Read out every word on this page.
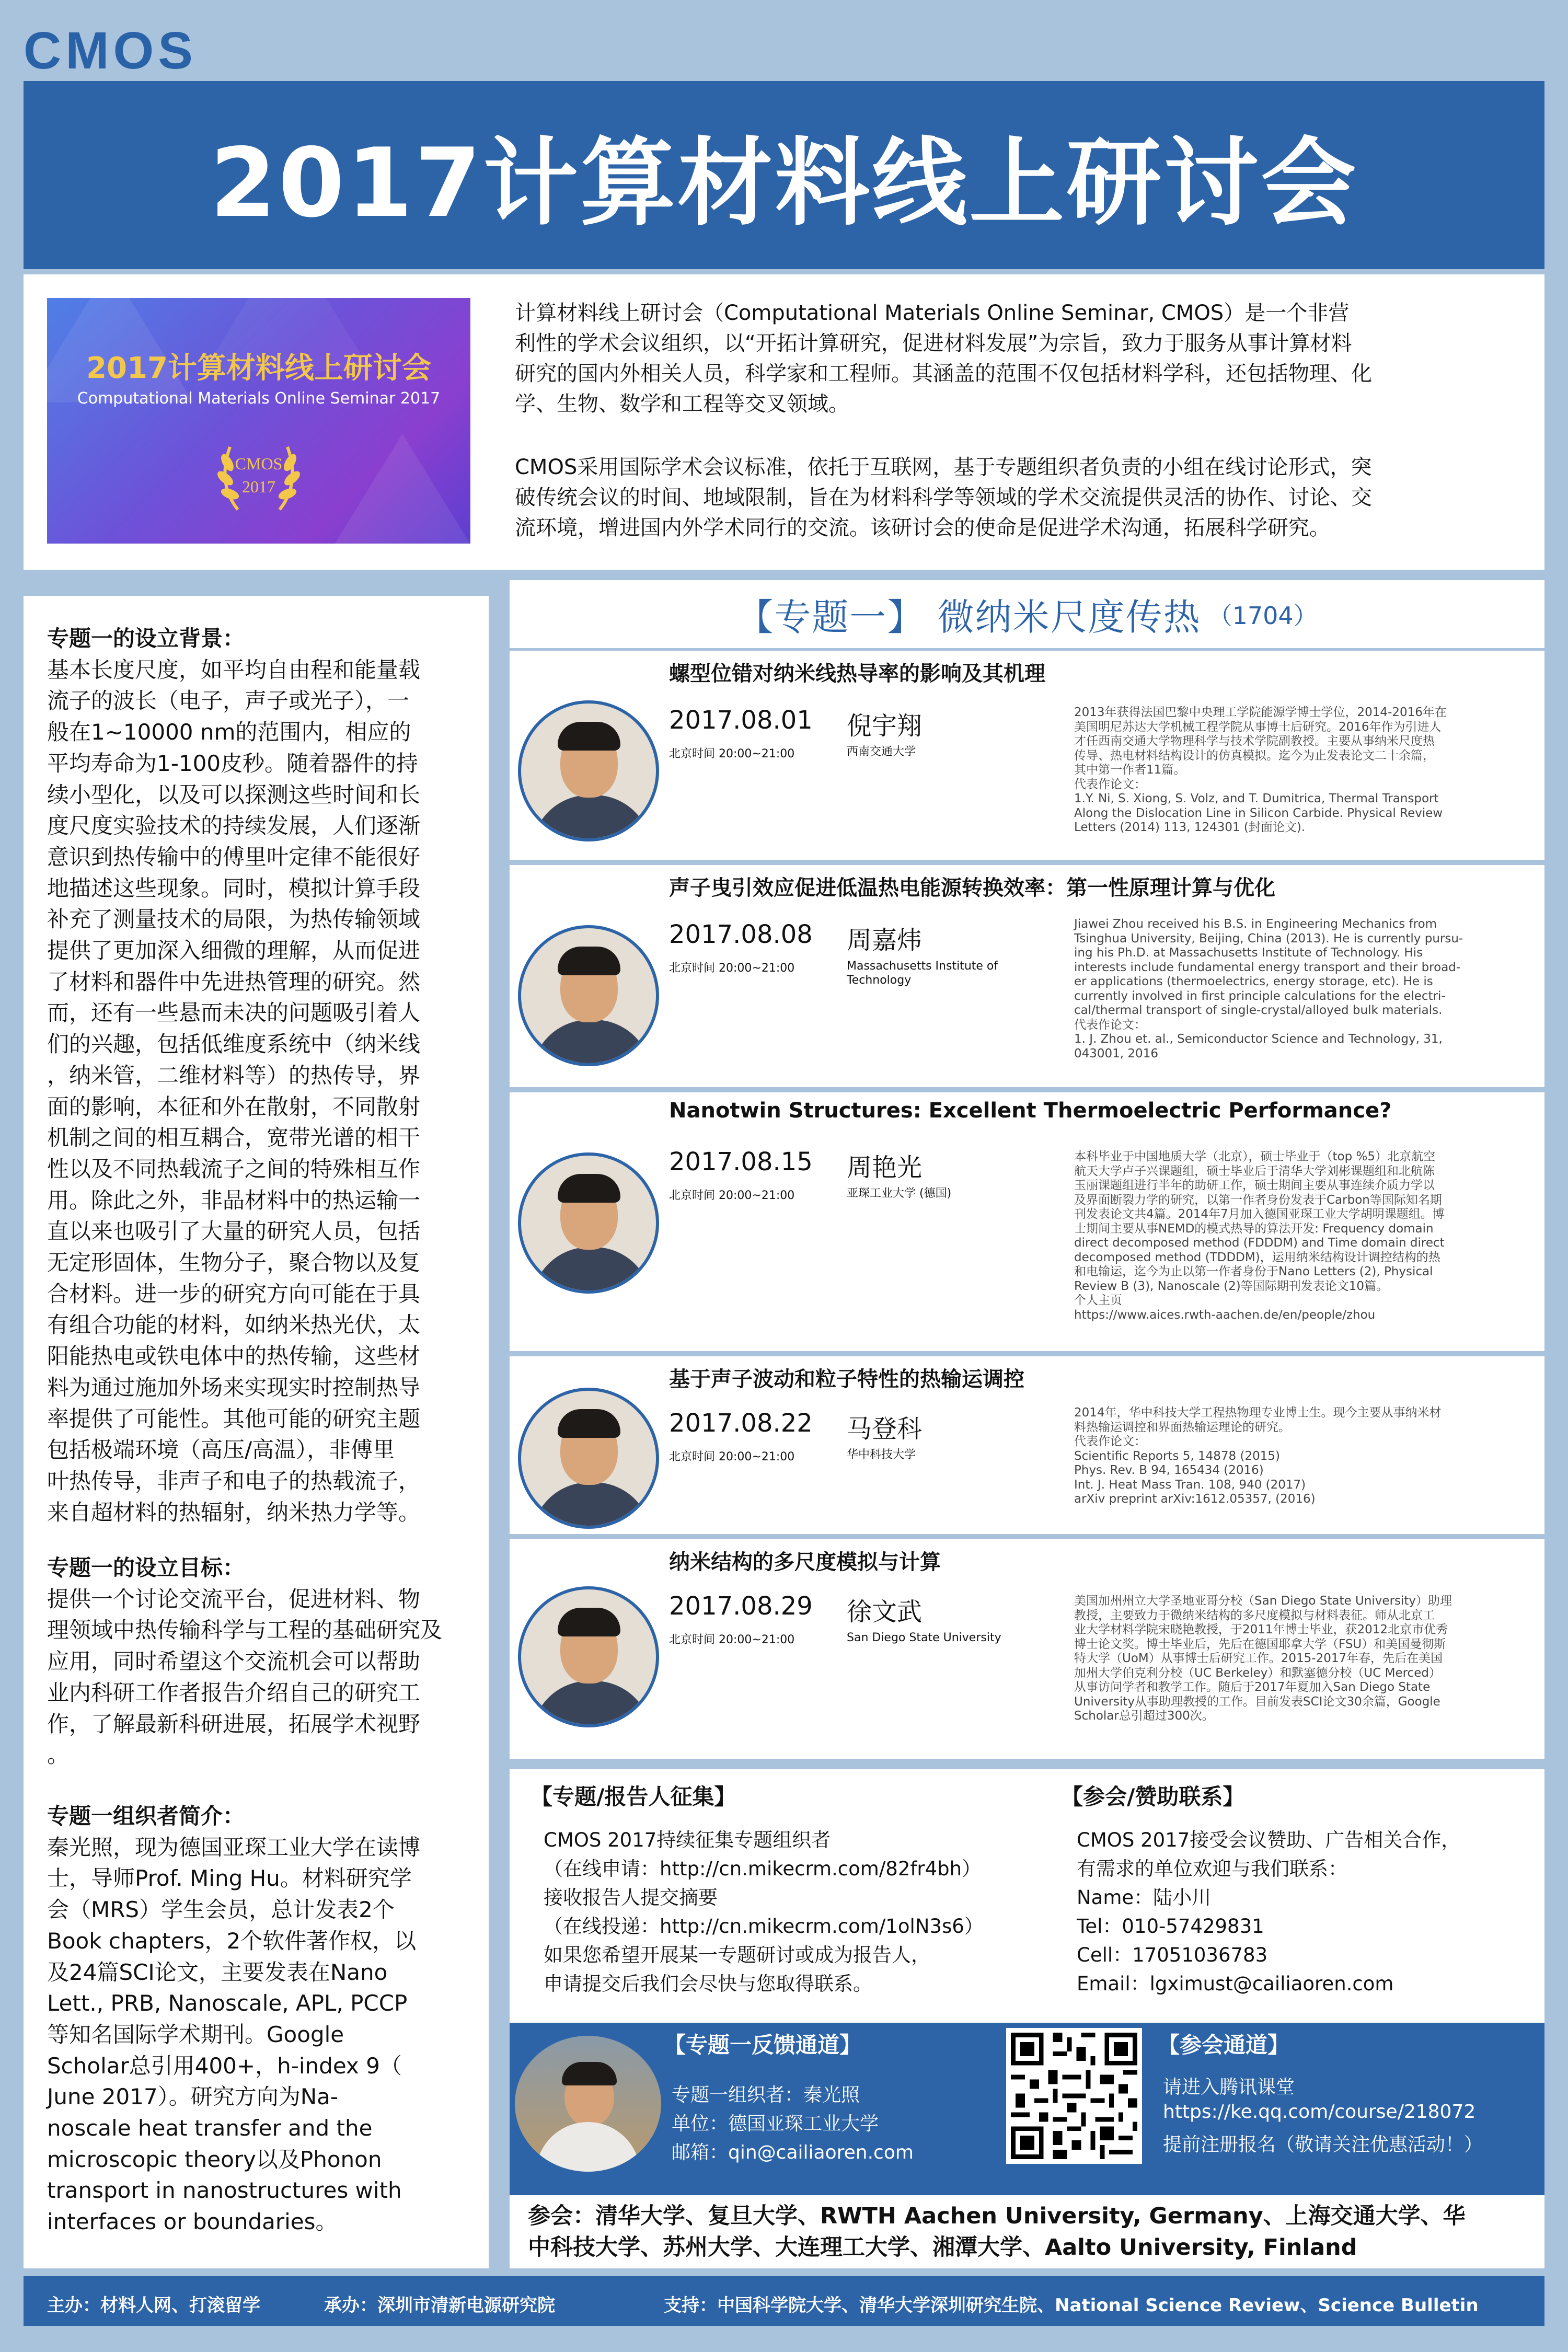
CMOS
2017计算材料线上研讨会
2017计算材料线上研讨会
Computational Materials Online Seminar 2017
CMOS
2017
计算材料线上研讨会（Computational Materials Online Seminar, CMOS）是一个非营
利性的学术会议组织，以“开拓计算研究，促进材料发展”为宗旨，致力于服务从事计算材料
研究的国内外相关人员，科学家和工程师。其涵盖的范围不仅包括材料学科，还包括物理、化
学、生物、数学和工程等交叉领域。
CMOS采用国际学术会议标准，依托于互联网，基于专题组织者负责的小组在线讨论形式，突
破传统会议的时间、地域限制，旨在为材料科学等领域的学术交流提供灵活的协作、讨论、交
流环境，增进国内外学术同行的交流。该研讨会的使命是促进学术沟通，拓展科学研究。
专题一的设立背景：
基本长度尺度，如平均自由程和能量载
流子的波长（电子，声子或光子），一
般在1~10000 nm的范围内，相应的
平均寿命为1-100皮秒。随着器件的持
续小型化，以及可以探测这些时间和长
度尺度实验技术的持续发展，人们逐渐
意识到热传输中的傅里叶定律不能很好
地描述这些现象。同时，模拟计算手段
补充了测量技术的局限，为热传输领域
提供了更加深入细微的理解，从而促进
了材料和器件中先进热管理的研究。然
而，还有一些悬而未决的问题吸引着人
们的兴趣，包括低维度系统中（纳米线
，纳米管，二维材料等）的热传导，界
面的影响，本征和外在散射，不同散射
机制之间的相互耦合，宽带光谱的相干
性以及不同热载流子之间的特殊相互作
用。除此之外，非晶材料中的热运输一
直以来也吸引了大量的研究人员，包括
无定形固体，生物分子，聚合物以及复
合材料。进一步的研究方向可能在于具
有组合功能的材料，如纳米热光伏，太
阳能热电或铁电体中的热传输，这些材
料为通过施加外场来实现实时控制热导
率提供了可能性。其他可能的研究主题
包括极端环境（高压/高温），非傅里
叶热传导，非声子和电子的热载流子，
来自超材料的热辐射，纳米热力学等。
专题一的设立目标：
提供一个讨论交流平台，促进材料、物
理领域中热传输科学与工程的基础研究及
应用，同时希望这个交流机会可以帮助
业内科研工作者报告介绍自己的研究工
作，了解最新科研进展，拓展学术视野
。
专题一组织者简介：
秦光照，现为德国亚琛工业大学在读博
士，导师Prof. Ming Hu。材料研究学
会（MRS）学生会员，总计发表2个
Book chapters，2个软件著作权，以
及24篇SCI论文，主要发表在Nano
Lett., PRB, Nanoscale, APL, PCCP
等知名国际学术期刊。Google
Scholar总引用400+，h-index 9（
June 2017）。研究方向为Na-
noscale heat transfer and the
microscopic theory以及Phonon
transport in nanostructures with
interfaces or boundaries。
【专题一】 微纳米尺度传热 （1704）
螺型位错对纳米线热导率的影响及其机理
2017.08.01
北京时间 20:00~21:00
倪宇翔
西南交通大学
2013年获得法国巴黎中央理工学院能源学博士学位，2014-2016年在
美国明尼苏达大学机械工程学院从事博士后研究。2016年作为引进人
才任西南交通大学物理科学与技术学院副教授。主要从事纳米尺度热
传导、热电材料结构设计的仿真模拟。迄今为止发表论文二十余篇，
其中第一作者11篇。
代表作论文：
1.Y. Ni, S. Xiong, S. Volz, and T. Dumitrica, Thermal Transport
Along the Dislocation Line in Silicon Carbide. Physical Review
Letters (2014) 113, 124301 (封面论文).
声子曳引效应促进低温热电能源转换效率：第一性原理计算与优化
2017.08.08
北京时间 20:00~21:00
周嘉炜
Massachusetts Institute of
Technology
Jiawei Zhou received his B.S. in Engineering Mechanics from
Tsinghua University, Beijing, China (2013). He is currently pursu-
ing his Ph.D. at Massachusetts Institute of Technology. His
interests include fundamental energy transport and their broad-
er applications (thermoelectrics, energy storage, etc). He is
currently involved in first principle calculations for the electri-
cal/thermal transport of single-crystal/alloyed bulk materials.
代表作论文：
1. J. Zhou et. al., Semiconductor Science and Technology, 31,
043001, 2016
Nanotwin Structures: Excellent Thermoelectric Performance?
2017.08.15
北京时间 20:00~21:00
周艳光
亚琛工业大学 (德国)
本科毕业于中国地质大学（北京），硕士毕业于（top %5）北京航空
航天大学卢子兴课题组，硕士毕业后于清华大学刘彬课题组和北航陈
玉丽课题组进行半年的助研工作，硕士期间主要从事连续介质力学以
及界面断裂力学的研究，以第一作者身份发表于Carbon等国际知名期
刊发表论文共4篇。2014年7月加入德国亚琛工业大学胡明课题组。博
士期间主要从事NEMD的模式热导的算法开发: Frequency domain
direct decomposed method (FDDDM) and Time domain direct
decomposed method (TDDDM)，运用纳米结构设计调控结构的热
和电输运，迄今为止以第一作者身份于Nano Letters (2), Physical
Review B (3), Nanoscale (2)等国际期刊发表论文10篇。
个人主页
https://www.aices.rwth-aachen.de/en/people/zhou
基于声子波动和粒子特性的热输运调控
2017.08.22
北京时间 20:00~21:00
马登科
华中科技大学
2014年，华中科技大学工程热物理专业博士生。现今主要从事纳米材
料热输运调控和界面热输运理论的研究。
代表作论文：
Scientific Reports 5, 14878 (2015)
Phys. Rev. B 94, 165434 (2016)
Int. J. Heat Mass Tran. 108, 940 (2017)
arXiv preprint arXiv:1612.05357, (2016)
纳米结构的多尺度模拟与计算
2017.08.29
北京时间 20:00~21:00
徐文武
San Diego State University
美国加州州立大学圣地亚哥分校（San Diego State University）助理
教授，主要致力于微纳米结构的多尺度模拟与材料表征。师从北京工
业大学材料学院宋晓艳教授，于2011年博士毕业，获2012北京市优秀
博士论文奖。博士毕业后，先后在德国耶拿大学（FSU）和美国曼彻斯
特大学（UoM）从事博士后研究工作。2015-2017年春，先后在美国
加州大学伯克利分校（UC Berkeley）和默塞德分校（UC Merced）
从事访问学者和教学工作。随后于2017年夏加入San Diego State
University从事助理教授的工作。目前发表SCI论文30余篇，Google
Scholar总引超过300次。
【专题/报告人征集】
CMOS 2017持续征集专题组织者
（在线申请：http://cn.mikecrm.com/82fr4bh）
接收报告人提交摘要
（在线投递：http://cn.mikecrm.com/1olN3s6）
如果您希望开展某一专题研讨或成为报告人，
申请提交后我们会尽快与您取得联系。
【参会/赞助联系】
CMOS 2017接受会议赞助、广告相关合作，
有需求的单位欢迎与我们联系：
Name：陆小川
Tel：010-57429831
Cell：17051036783
Email：lgximust@cailiaoren.com
【专题一反馈通道】
专题一组织者：秦光照
单位：德国亚琛工业大学
邮箱：qin@cailiaoren.com
【参会通道】
请进入腾讯课堂
https://ke.qq.com/course/218072
提前注册报名（敬请关注优惠活动！）
参会：清华大学、复旦大学、RWTH Aachen University, Germany、上海交通大学、华
中科技大学、苏州大学、大连理工大学、湘潭大学、Aalto University, Finland
主办：材料人网、打滚留学	承办：深圳市清新电源研究院	支持：中国科学院大学、清华大学深圳研究生院、National Science Review、Science Bulletin
